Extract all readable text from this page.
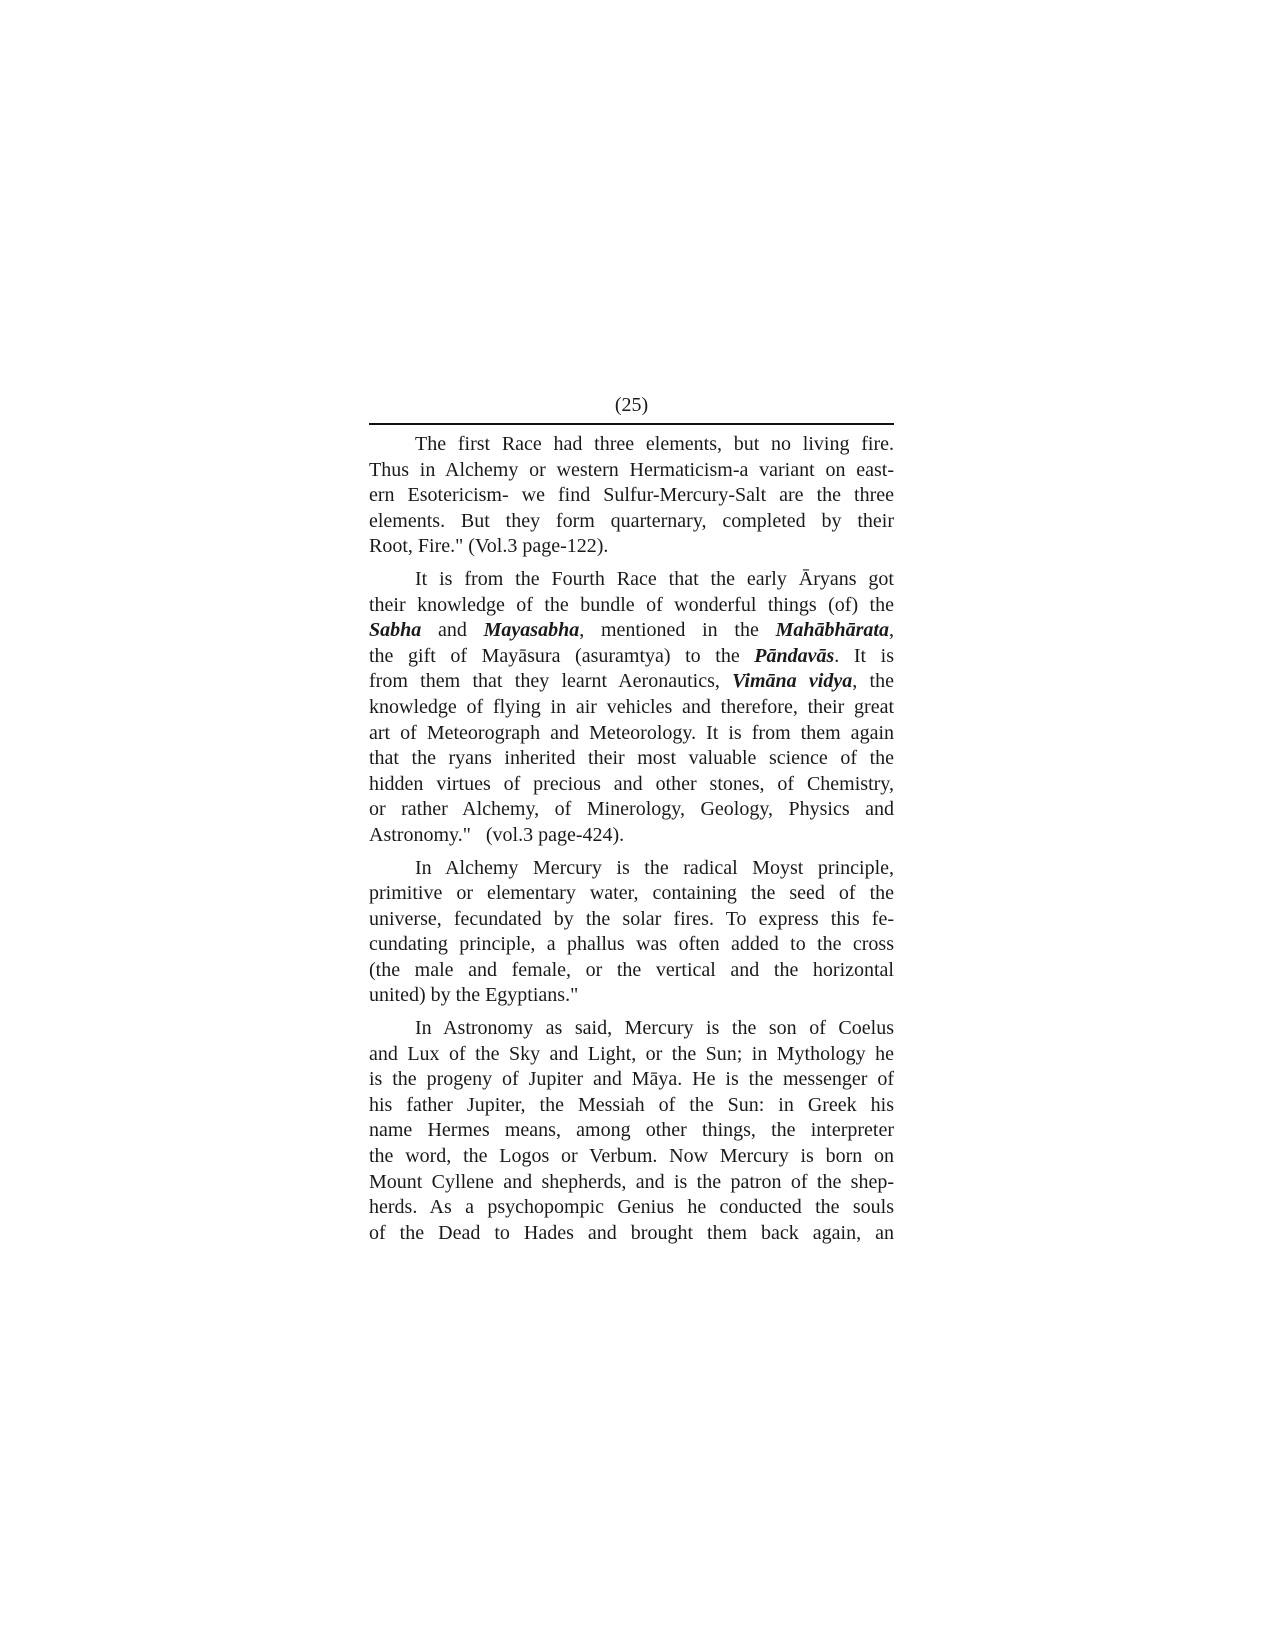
(25)
The first Race had three elements, but no living fire.
Thus in Alchemy or western Hermaticism-a variant on east-
ern Esotericism- we find Sulfur-Mercury-Salt are the three
elements. But they form quarternary, completed by their
Root, Fire." (Vol.3 page-122).
It is from the Fourth Race that the early Āryans got
their knowledge of the bundle of wonderful things (of) the
Sabha and Mayasabha, mentioned in the Mahābhārata,
the gift of Mayāsura (asuramtya) to the Pāndavās. It is
from them that they learnt Aeronautics, Vimāna vidya, the
knowledge of flying in air vehicles and therefore, their great
art of Meteorograph and Meteorology. It is from them again
that the ryans inherited their most valuable science of the
hidden virtues of precious and other stones, of Chemistry,
or rather Alchemy, of Minerology, Geology, Physics and
Astronomy."   (vol.3 page-424).
In Alchemy Mercury is the radical Moyst principle,
primitive or elementary water, containing the seed of the
universe, fecundated by the solar fires. To express this fe-
cundating principle, a phallus was often added to the cross
(the male and female, or the vertical and the horizontal
united) by the Egyptians."
In Astronomy as said, Mercury is the son of Coelus
and Lux of the Sky and Light, or the Sun; in Mythology he
is the progeny of Jupiter and Māya. He is the messenger of
his father Jupiter, the Messiah of the Sun: in Greek his
name Hermes means, among other things, the interpreter
the word, the Logos or Verbum. Now Mercury is born on
Mount Cyllene and shepherds, and is the patron of the shep-
herds. As a psychopompic Genius he conducted the souls
of the Dead to Hades and brought them back again, an
